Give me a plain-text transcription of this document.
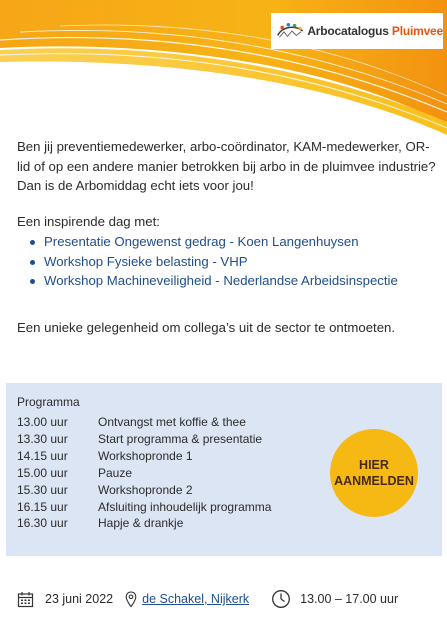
Arbocatalogus Pluimvee

Ben jij preventiemedewerker, arbo-coördinator, KAM-medewerker, OR-lid of op een andere manier betrokken bij arbo in de pluimvee industrie? Dan is de Arbomiddag echt iets voor jou!

Een inspirende dag met:

Presentatie Ongewenst gedrag - Koen Langenhuysen
Workshop Fysieke belasting - VHP
Workshop Machineveiligheid - Nederlandse Arbeidsinspectie

Een unieke gelegenheid om collega’s uit de sector te ontmoeten.

Programma
13.00 uur	Ontvangst met koffie & thee
13.30 uur	Start programma & presentatie
14.15 uur	Workshopronde 1
15.00 uur	Pauze
15.30 uur	Workshopronde 2
16.15 uur	Afsluiting inhoudelijk programma
16.30 uur	Hapje & drankje
HIER
AANMELDEN
23 juni 2022 de Schakel, Nijkerk	13.00 – 17.00 uur
